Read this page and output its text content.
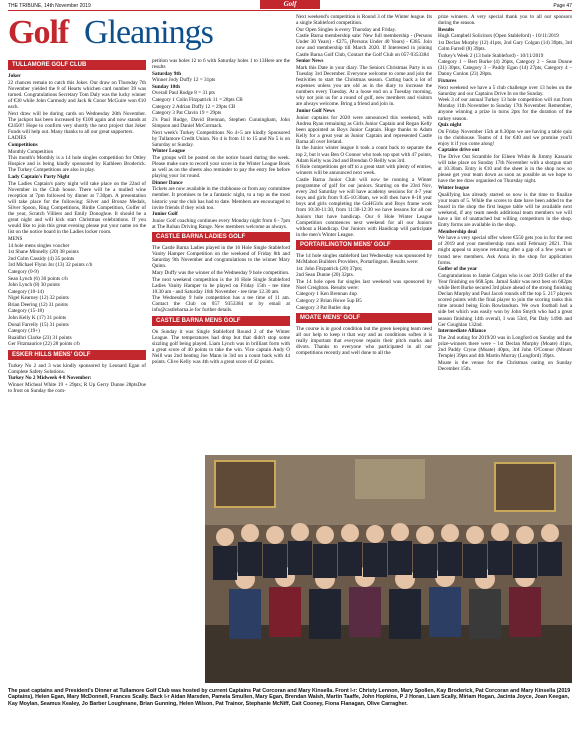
THE TRIBUNE, 14th November 2019	Golf	Page 47
Golf Gleanings
TULLAMORE GOLF CLUB

Joker

22 chances remain to catch this Joker. Our draw on Thursday 7th November yielded the 8 of Hearts whichen card number 39 was turned. Congratulations Secretary Tom Daly was the lucky winner of €30 while John Carmody and Jack & Conor McGuire won €10 each.

Next draw will be during cards on Wednesday 20th November. The jackpot has been increased by €100 again and now stands at €2450!! Hope to confirm very shortly the next project that Joker Funds will help out. Many thanks to all our great supporters.

LADIES

Competitions

Monthly Competition

This month's Monthly is a 14 hole singles competition for Ottley Hospice and is being kindly sponsored by Kathleen Broderick. The Turkey Competitions are also in play.

Lady Captain's Party Night

The Ladies Captain's party night will take place on the 22nd of November in the Club house. There will be a mulled wine reception at 7pm followed by dinner at 7.30pm. A presentation will take place for the following: Silver and Bronze Medals, Silver Spoon, Ring Competitions, Birdie Competition, Golfer of the year, Scratch Villiers and Emily Donoghue. It should be a great night and will kick start Christmas celebrations. If you would like to join this great evening please put your name on the list on the notice board in the Ladies locker room.

MENS

14 hole mens singles voucher

1st Shane Minnelly (20) 38 points

2nd Colm Cassidy (4) 35 points

3rd Michael Flynn Jnr (13) 32 points c/b

Category (0-9)

Sean Lynch (6) 30 points c/b

John Lynch (8) 30 points

Category (10-14)

Nigel Kearney (12) 32 points

Brian Deering (12) 31 points

Category (15-18)

John Kelly K (17) 31 points

Donal Farrelly (15) 31 points

Category (19+)

Ruaidhri Clarke (23) 31 points

Ger Fitzmaurice (22) 28 points c/b

ESKER HILLS MENS' GOLF

Turkey No 2 and 3 was kindly sponsored by Leonard Egan of Complete Safety Solutions.

Turkey No 2 Midweek 4-8 November:

Winner Micheal White 19 + 29pts; R Up Gerry Dunne 28ptsDue to frost on Sunday the com-

petition was holes 12 to 6 with Saturday holes 1 to 13Here are the results

Saturday 9th

Winner Jody Duffy 12 = 31pts

Sunday 10th

Overall Paul Rudge 8 = 31 pts

Category 1 Colin Fitzpatrick 11 = 28pts CB

Category 2 Adrian Duffy 12 = 29pts CB

Category 3 Pat Clavin 19 = 29pts

2's Paul Rudge, David Brennan, Stephen Cunningham, John Simpson and Daniel McCormack.

Next week's Turkey Competitions No 4+5 are kindly Sponsored by Tullamore Credit Union. No 4 is from 11 to 15 and No 5 is on Saturday or Sunday.

Winter League

The groups will be posted on the notice board during the week. Please make sure to record your score in the Winter League Book as well as on the sheets also reminder to pay the entry fee before playing your 1st round.

Dinner Dance

Tickets are now available in the clubhouse or from any committee member. It promises to be a fantastic night, to a top as the most historic year the club has had to date. Members are encouraged to invite friends if they wish too.

Junior Golf

Junior Golf coaching continues every Monday night from 6 - 7pm at The Ruhan Driving Range. New members welcome as always.

CASTLE BARNA LADIES GOLF

The Castle Barna Ladies played in the 16 Hole Single Stableford Vanity Hamper Competition on the weekend of Friday 8th and Saturday 9th November and congratulations to the winner Mary Quinn.

Mary Duffy was the winner of the Wednesday 9 hole competition.

The next weekend competition is the 16 Hole Single Stableford Ladies Vanity Hamper to be played on Friday 15th - tee time 10.30 am - and Saturday 16th November - tee time 12.30 am.

The Wednesday 9 hole competition has a tee time of 11 am. Contact the Club on 057 9353384 or by email at info@castlebarna.ie for further details.

CASTLE BARNA MENS GOLF

On Sunday it was Single Stableford Round 2 of the Winter League. The temperatures had drop but that didn't stop some sizzling golf being played. Liam Lynch was in brilliant form with a great score of 40 points to take the win. Vice captain Andy O Neill was 2nd beating Joe Mann in 3rd on a count back with 44 points. Clive Kelly was 4th with a great score of 42 points.

Next weekend's competition is Round 3 of the Winter league. Its a single Stableford competition.

Our Open Singles is every Thursday and Friday.

Castle Barna membership sale: New full membership - (Persons Under 30 Years) - €275, (Persons Under 40 Years) - €385. Join now and membership till March 2020. If Interested in joining Castle Barna Golf Club, Contact the Golf Club on 057-9353384

Senior News

Mark this Date in your diary. The Seniors Christmas Party is on Tuesday 3rd December. Everyone welcome to come and join the festivities to start the Christmas season. Cutting back a lot of expenses unless you are old as in the diary to increase the numbers every Tuesday. At a loose end on a Tuesday morning, why not join us for a round of golf, new members and visitors are always welcome. Bring a friend and join in.

Junior Golf News

Junior captains for 2020 were announced this weekend, with Andrea Ryan remaining as Girls Junior Captain and Regan Kelly been appointed as Boys Junior Captain. Huge thanks to Adam Kelly for a great year as Junior Captain and represented Castle Barna all over Ireland.

In the Junior winter league it took a count back to separate the top 2, but it was Ben O Connor who took top spot with 47 points, Adam Kelly was 2nd and Brendan O Reilly was 3rd.

6 Hole competitions get off to a great start with plenty of entries, winners will be announced next week.

Castle Barna Junior Club will now be running a Winter programme of golf for our juniors. Starting on the 23rd Nov, every 2nd Saturday we will have academy sessions for 4-7 year boys and girls from 9:45-10:30am, we will then have 8-18 year boys and girls completing the GoHGirls and Boys frame work from 10:30-11:30, from 11:30-12:30 we have lessons for all our Juniors that have handicap. Our 6 Hole Winter League Competition commences next weekend for all our Juniors without a Handicap. Our Juniors with Handicap will participate in the men's Winter League.

PORTARLINGTON MENS' GOLF

The 14 hole singles stableford last Wednesday was sponsored by McMahon Builders Providers, Portarlington. Results were:

1st: John Fitzpatrick (20) 37pts;

2nd Sean Dunne (20) 32pts.

The 14 hole open fur singles last weekend was sponsored by Noel Creighton. Results were:

Category 1 Ken Brennan 4up

Category 2 Brian Howe 5up B5

Category 3 Pat Butler 4up

MOATE MENS' GOLF

The course is in good condition but the green keeping team need all our help to keep it that way and as conditions soften it is really important that everyone repairs their pitch marks and divots. Thanks to everyone who participated in all our competitions recently and well done to all the

prize winners. A very special thank you to all our sponsors during the season.

Results

Hugh Campbell Solicitors (Open Stableford) - 10/11/2019

1st Declan Murphy (12) 41pts, 2nd Gary Colgan (14) 39pts, 3rd Colm Farrell (8) 39pts.

Turkey's Week 2 (13 hole Stableford) - 10/11/2019

Category 1 – Bert Burke (4) 26pts, Category 2 – Sean Dunne (31) 30pts, Category 3 – Paddy Egan (14) 27pts, Category 4 – Danny Conlon (23) 28pts.

Fixtures

Next weekend we have a 5 club challenge over 13 holes on the Saturday and our Captains Drive In on the Sunday.

Week 3 of our annual Turkey 13 hole competition will run from Monday 11th November to Sunday 17th November. Remember, anyone winning a prize in turns 2pts for the duration of the turkey season.

Quiz night

On Friday November 15th at 8.30pm we are having a table quiz in the clubhouse. Teams of 4 for €40 and we promise you'll enjoy it if you come along!

Captains drive out

The Drive Out Scramble for Eileen White & Jimmy Kassaris will take place on Sunday 17th November with a shotgun start at 10.30am. Entry is €10 and the sheet is in the shop now so please get your team down as soon as possible as we hope to have the tee draw organised on Thursday night.

Winter league

Qualifying has already started so now is the time to finalize your team of 5. While the scores to date have been added to the board in the shop the first league table will be available next weekend, if any team needs additional team members we will have a list of unattached but willing competitors in the shop. Entry forms are available in the shop.

Membership deal

We have a very special offer where €550 gets you in for the rest of 2019 and your membership runs until February 2021. This might appeal to anyone returning after a gap of a few years or brand new members. Ask Anna in the shop for application forms.

Golfer of the year

Congratulations to Jamie Colgan who is our 2019 Golfer of the Year finishing on 668.5pts. Jamal Sahir was next best on 682pts while Bert Burke secured 3rd place ahead of the strong finishing Declan Murphy and Paul Jacob rounds off the top 5. 217 players scored points with the final player to join the scoring ranks this time around being Eoin Rowlandson. We own football had a side bet which was easily won by John Smyth who had a great season finishing 14th overall, I was 53rd, Pat Daly 149th and Ger Coughlan 132nd.

Intermediate Alliance

The 2nd outing for 2019/20 was in Longford on Sunday and the prize-winners there were – 1st Declan Murphy (Moate) 41pts, 2nd Paddy Cryne (Moate) 40pts, 3rd John O'Connor (Mount Temple) 39pts and 4th Martin Murray (Longford) 39pts.

Moate is the venue for the Christmas outing on Sunday December 15th.

The past captains and President's Dinner at Tullamore Golf Club was hosted by current Captains Pat Corcoran and Mary Kinsella. Front l-r: Christy Lennon, Mary Spollen, Kay Broderick, Pat Corcoran and Mary Kinsella (2019 Captains), Helen Egan, Mary McDonnell, Frances Scally. Back l-r Aidan Marsden, Pamela Smullen, Mary Egan, Brendan Walsh, Martin Taaffe, John Hopkins, P J Horan, Liam Scally, Miriam Hogan, Jacinta Joyce, Joan Keegan, Kay Moylan, Seamus Kealey, Jo Barber Loughnane, Brian Gunning, Helen Wilson, Pat Trainor, Stephanie McNiff, Cait Cooney, Fiona Flanagan, Olive Carragher.
